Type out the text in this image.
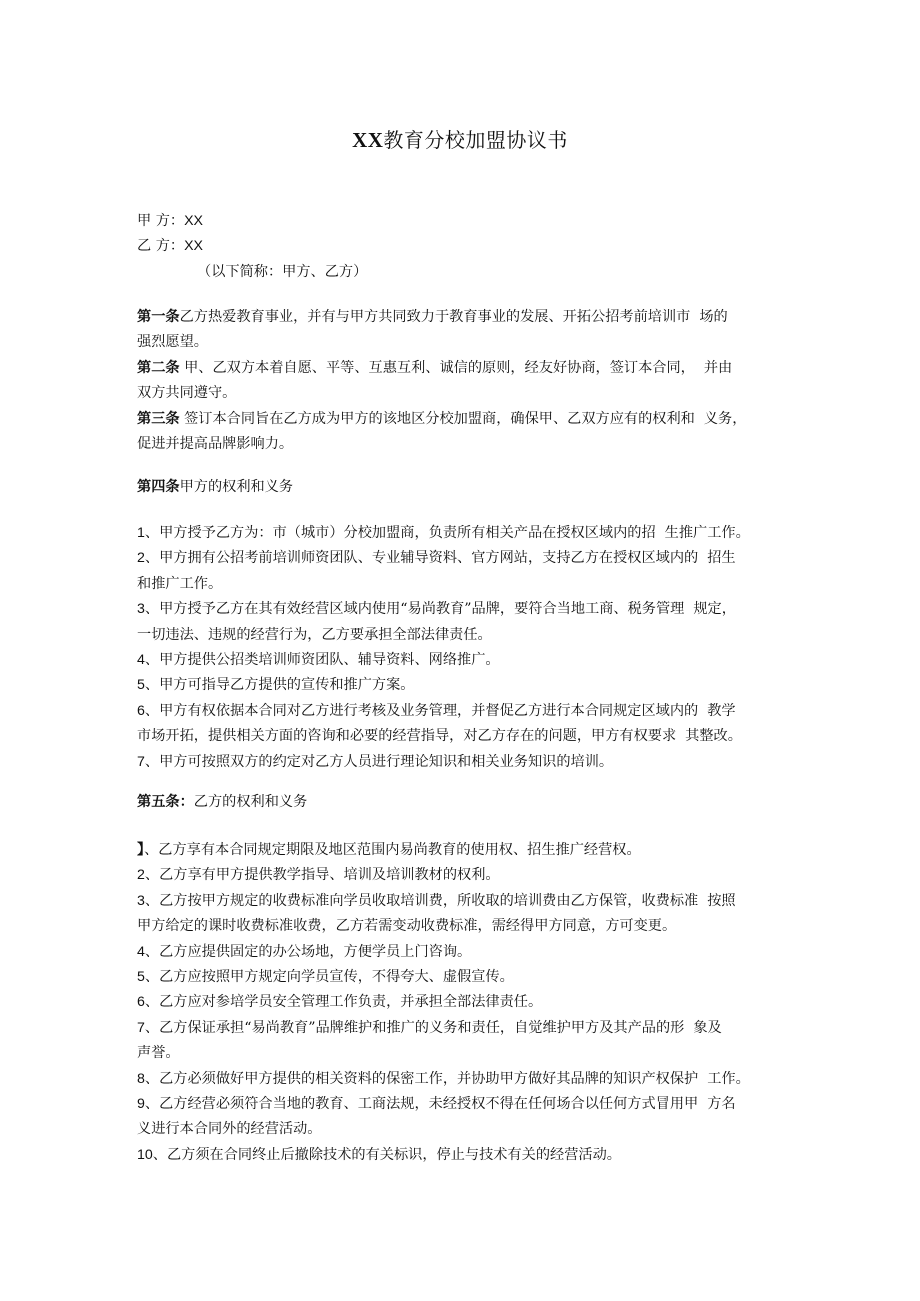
XX教育分校加盟协议书
甲 方：XX
乙 方：XX
（以下简称：甲方、乙方）
第一条乙方热爱教育事业，并有与甲方共同致力于教育事业的发展、开拓公招考前培训市 场的
强烈愿望。
第二条 甲、乙双方本着自愿、平等、互惠互利、诚信的原则，经友好协商，签订本合同， 并由
双方共同遵守。
第三条 签订本合同旨在乙方成为甲方的该地区分校加盟商，确保甲、乙双方应有的权利和 义务，
促进并提高品牌影响力。
第四条甲方的权利和义务
1、甲方授予乙方为：市（城市）分校加盟商，负责所有相关产品在授权区域内的招 生推广工作。
2、甲方拥有公招考前培训师资团队、专业辅导资料、官方网站，支持乙方在授权区域内的 招生
和推广工作。
3、甲方授予乙方在其有效经营区域内使用“易尚教育”品牌，要符合当地工商、税务管理 规定，
一切违法、违规的经营行为，乙方要承担全部法律责任。
4、甲方提供公招类培训师资团队、辅导资料、网络推广。
5、甲方可指导乙方提供的宣传和推广方案。
6、甲方有权依据本合同对乙方进行考核及业务管理，并督促乙方进行本合同规定区域内的 教学
市场开拓，提供相关方面的咨询和必要的经营指导，对乙方存在的问题，甲方有权要求 其整改。
7、甲方可按照双方的约定对乙方人员进行理论知识和相关业务知识的培训。
第五条：乙方的权利和义务
】、乙方享有本合同规定期限及地区范围内易尚教育的使用权、招生推广经营权。
2、乙方享有甲方提供教学指导、培训及培训教材的权利。
3、乙方按甲方规定的收费标准向学员收取培训费，所收取的培训费由乙方保管，收费标准 按照
甲方给定的课时收费标准收费，乙方若需变动收费标准，需经得甲方同意，方可变更。
4、乙方应提供固定的办公场地，方便学员上门咨询。
5、乙方应按照甲方规定向学员宣传，不得夸大、虚假宣传。
6、乙方应对参培学员安全管理工作负责，并承担全部法律责任。
7、乙方保证承担“易尚教育”品牌维护和推广的义务和责任，自觉维护甲方及其产品的形 象及
声誉。
8、乙方必须做好甲方提供的相关资料的保密工作，并协助甲方做好其品牌的知识产权保护 工作。
9、乙方经营必须符合当地的教育、工商法规，未经授权不得在任何场合以任何方式冒用甲 方名
义进行本合同外的经营活动。
10、乙方须在合同终止后撤除技术的有关标识，停止与技术有关的经营活动。
